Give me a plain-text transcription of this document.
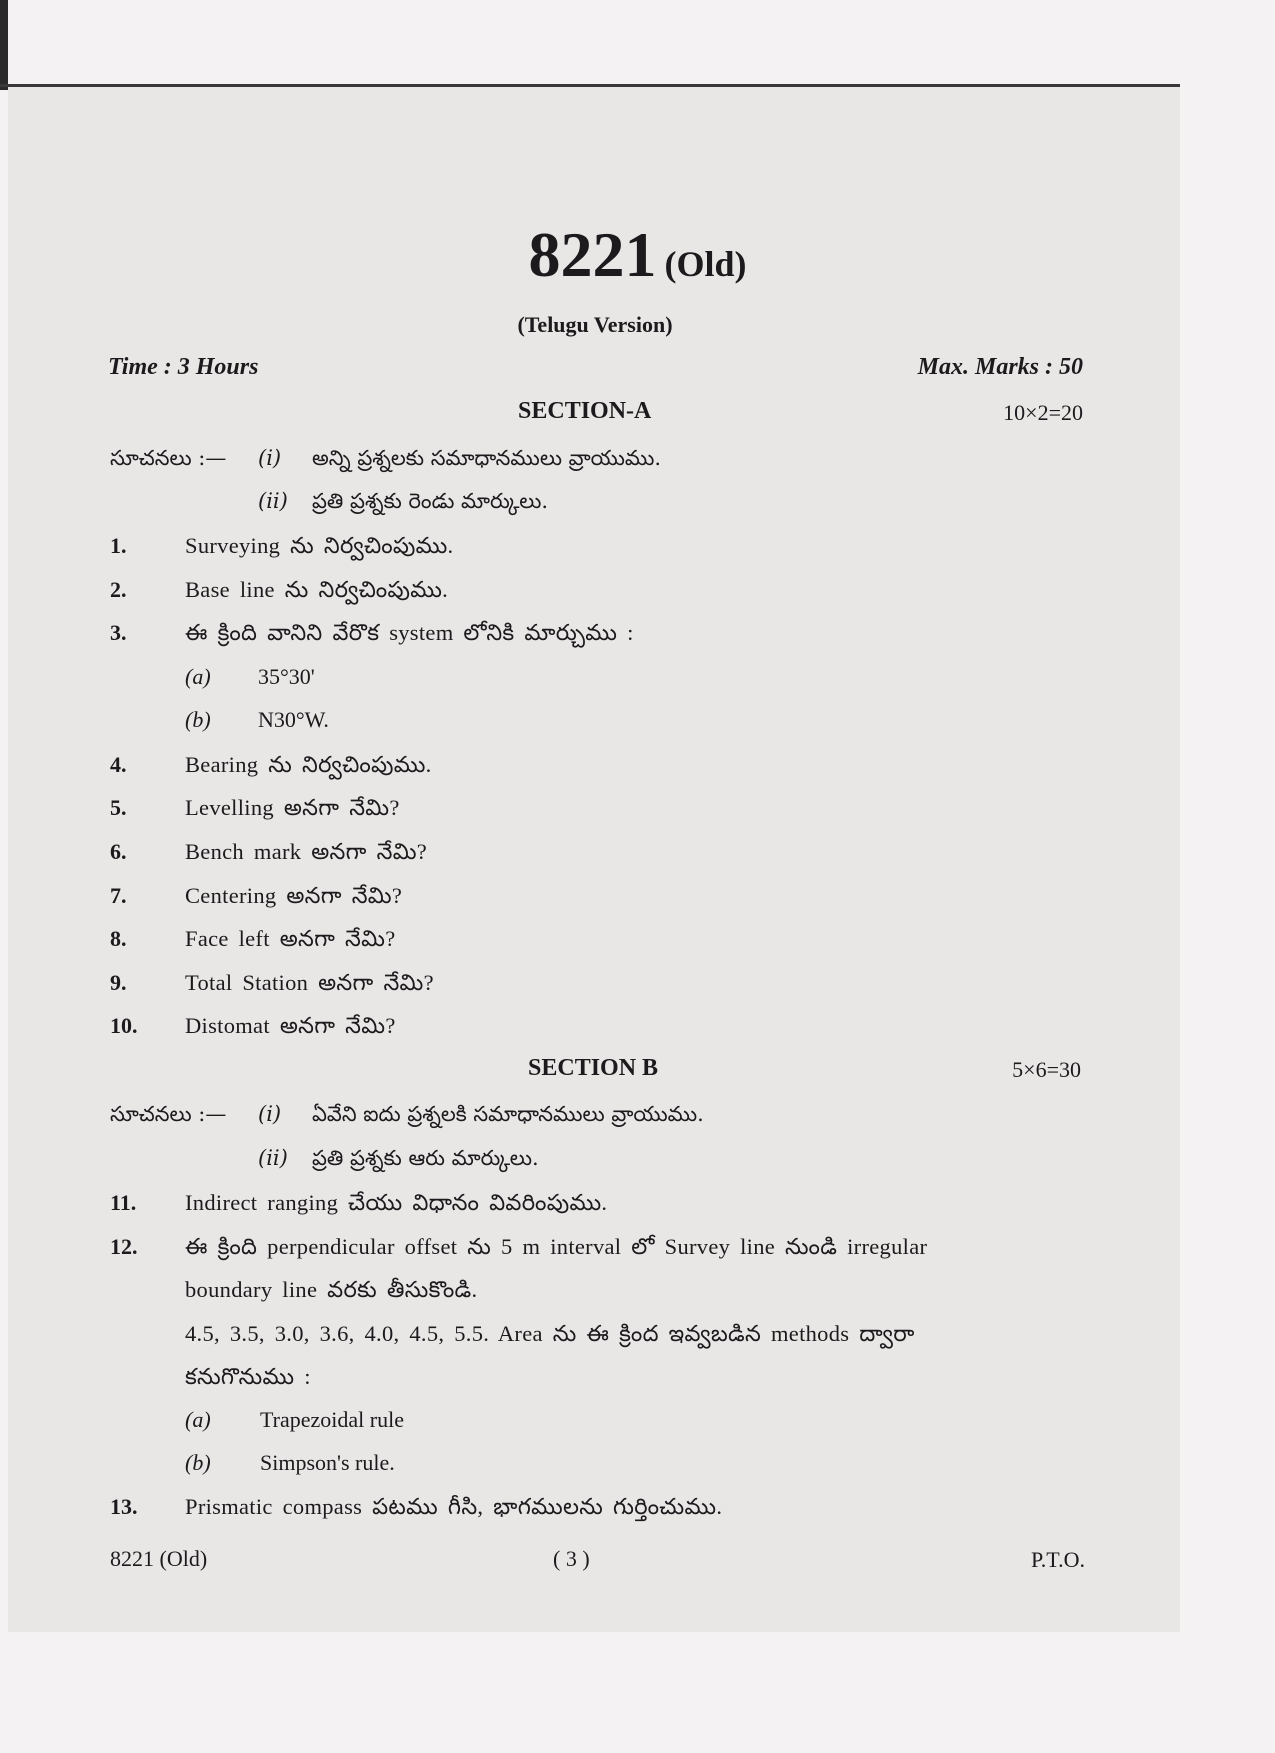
8221 (Old)
(Telugu Version)
Time : 3 Hours	Max. Marks : 50
SECTION-A	10×2=20
సూచనలు :— (i) అన్ని ప్రశ్నలకు సమాధానములు వ్రాయుము.
(ii) ప్రతి ప్రశ్నకు రెండు మార్కులు.
1.	Surveying ను నిర్వచింపుము.
2.	Base line ను నిర్వచింపుము.
3.	ఈ క్రింది వానిని వేరొక system లోనికి మార్చుము :
(a) 35°30'
(b) N30°W.
4.	Bearing ను నిర్వచింపుము.
5.	Levelling అనగా నేమి?
6.	Bench mark అనగా నేమి?
7.	Centering అనగా నేమి?
8.	Face left అనగా నేమి?
9.	Total Station అనగా నేమి?
10. Distomat అనగా నేమి?
SECTION B	5×6=30
సూచనలు :— (i) ఏవేని ఐదు ప్రశ్నలకి సమాధానములు వ్రాయుము.
(ii) ప్రతి ప్రశ్నకు ఆరు మార్కులు.
11. Indirect ranging చేయు విధానం వివరింపుము.
12. ఈ క్రింది perpendicular offset ను 5 m interval లో Survey line నుండి irregular
boundary line వరకు తీసుకొండి.
4.5, 3.5, 3.0, 3.6, 4.0, 4.5, 5.5. Area ను ఈ క్రింద ఇవ్వబడిన methods ద్వారా
కనుగొనుము :
(a) Trapezoidal rule
(b) Simpson's rule.
13. Prismatic compass పటము గీసి, భాగములను గుర్తించుము.
8221 (Old)	( 3 )	P.T.O.
